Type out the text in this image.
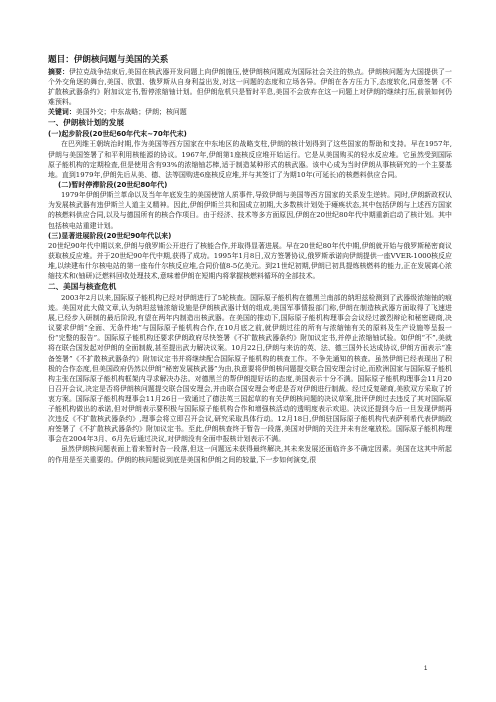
题目：伊朗核问题与美国的关系

摘要：伊拉克战争结束后,美国在核武器开发问题上向伊朗施压,使伊朗核问题成为国际社会关注的热点。伊朗核问题为大国提供了一个外交角逐的舞台,美国、欧盟、俄罗斯从自身利益出发,对这一问题的态度和立场各异。伊朗在各方压力下,态度软化,同意签署《不扩散核武器条约》附加议定书,暂停浓缩铀计划。但伊朗危机只是暂时平息,美国不会放弃在这一问题上对伊朗的继续打压,前景如何仍难预料。

关键词：美国外交；中东战略；伊朗；核问题

一、伊朗核计划的发展
(一)起步阶段(20世纪60年代末~70年代末)

在巴列维王朝统治时期,作为美国等西方国家在中东地区的战略支柱,伊朗的核计划得到了这些国家的帮助和支持。早在1957年,伊朗与美国签署了和平利用核能源的协议。1967年,伊朗第1座核反应堆开始运行。它是从美国购买的轻水反应堆。它虽然受到国际原子能机构的定期检查,但是使用含有93%的浓缩铀芯棒,适于制造某种形式的核武器。该中心成为当时伊朗从事核研究的一个主要基地。直到1979年,伊朗先后从美、德、法等国购进6座核反应堆,并与其签订了为期10年(可延长)的核燃料供应合同。

(二)暂时停滞阶段(20世纪80年代)

1979年伊朗伊斯兰革命以及当年年底发生的美国使馆人质事件,导致伊朗与美国等西方国家的关系发生逆转。同时,伊朗新政权认为发展核武器有违伊斯兰人道主义精神。因此,伊朗伊斯兰共和国成立初期,大多数核计划处于瘫痪状态,其中包括伊朗与上述西方国家的核燃料供应合同,以及与德国所有的核合作项目。由于经济、技术等多方面原因,伊朗在20世纪80年代中期重新启动了核计划。其中包括核电站重建计划。

(三)显著进展阶段(20世纪90年代以来)

20世纪90年代中期以来,伊朗与俄罗斯公开进行了核能合作,并取得显著进展。早在20世纪80年代中期,伊朗就开始与俄罗斯秘密商议获取核反应堆。并于20世纪90年代中期,获得了成功。1995年1月8日,双方签署协议,俄罗斯承诺向伊朗提供一座VVER-1000核反应堆,以续建布什尔核电站的第一座布什尔核反应堆,合同价值8-5亿美元。到21世纪初期,伊朗已初具提炼核燃料的能力,正在发展离心浓缩技术和(铀研)泛燃料回收处理技术,意味着伊朗在短期内将掌握核燃料循环的全部技术。

二、美国与核查危机

2003年2月以来,国际原子能机构已经对伊朗进行了5轮核查。国际原子能机构在德黑兰南部的纳坦兹检测到了武器级浓缩铀的痕迹。美国对此大做文章,认为纳坦兹铀浓缩设施是伊朗核武器计划的组成,美国军事情报部门称,伊朗在制造核武器方面取得了飞速进展,已经步入研制的最后阶段,有望在两年内制造出核武器。在美国的推动下,国际原子能机构理事会会议经过激烈辩论和秘密磋商,决议要求伊朗“全面、无条件地”与国际原子能机构合作,在10月底之前,就伊朗过往的所有与浓缩铀有关的原料及生产设施等呈报一份“完整的报告”。国际原子能机构还要求伊朗政府尽快签署《不扩散核武器条约》附加议定书,并停止浓缩铀试验。如伊朗“不”,美就将在联合国发起对伊朗的全面制裁,甚至提出武力解决议案。10月22日,伊朗与来访的英、法、德三国外长达成协议,伊朗方面表示“准备签署”《不扩散核武器条约》附加议定书并将继续配合国际原子能机构的核查工作。不争先通知的核查。虽然伊朗已经表现出了积极的合作态度,但美国政府仍然以伊朗“秘密发展核武器”为由,执意要将伊朗核问题提交联合国安理会讨论,而欧洲国家与国际原子能机构主张在国际原子能机构框架内寻求解决办法。对德黑兰的帮伊朗提好话的态度,美国表示十分不满。国际原子能机构理事会11月20日召开会议,决定是否将伊朗核问题提交联合国安理会,并由联合国安理会考虑是否对伊朗进行制裁。经过反复磋商,美欧双方采取了折衷方案。国际原子能机构理事会11月26日一致通过了德法英三国起草的有关伊朗核问题的决议草案,批评伊朗过去违反了其对国际原子能机构做出的承诺,但对伊朗表示要积极与国际原子能机构合作和增强核活动的透明度表示欢迎。决议还提到今后一旦发现伊朗再次违反《不扩散核武器条约》,理事会将立即召开会议,研究采取具体行动。12月18日,伊朗驻国际原子能机构代表萨利希代表伊朗政府签署了《不扩散核武器条约》附加议定书。至此,伊朗核查终于暂告一段落,美国对伊朗的关注并未有丝毫放松。国际原子能机构理事会在2004年3月、6月先后通过决议,对伊朗没有全面申报核计划表示不满。

虽然伊朗核问题表面上看来暂时告一段落,但这一问题远未获得最终解决,其未来发展还面临许多不确定因素。美国在这其中所起的作用是至关重要的。伊朗的核问题说到底是美国和伊朗之间的较量,下一步如何演变,很

1
